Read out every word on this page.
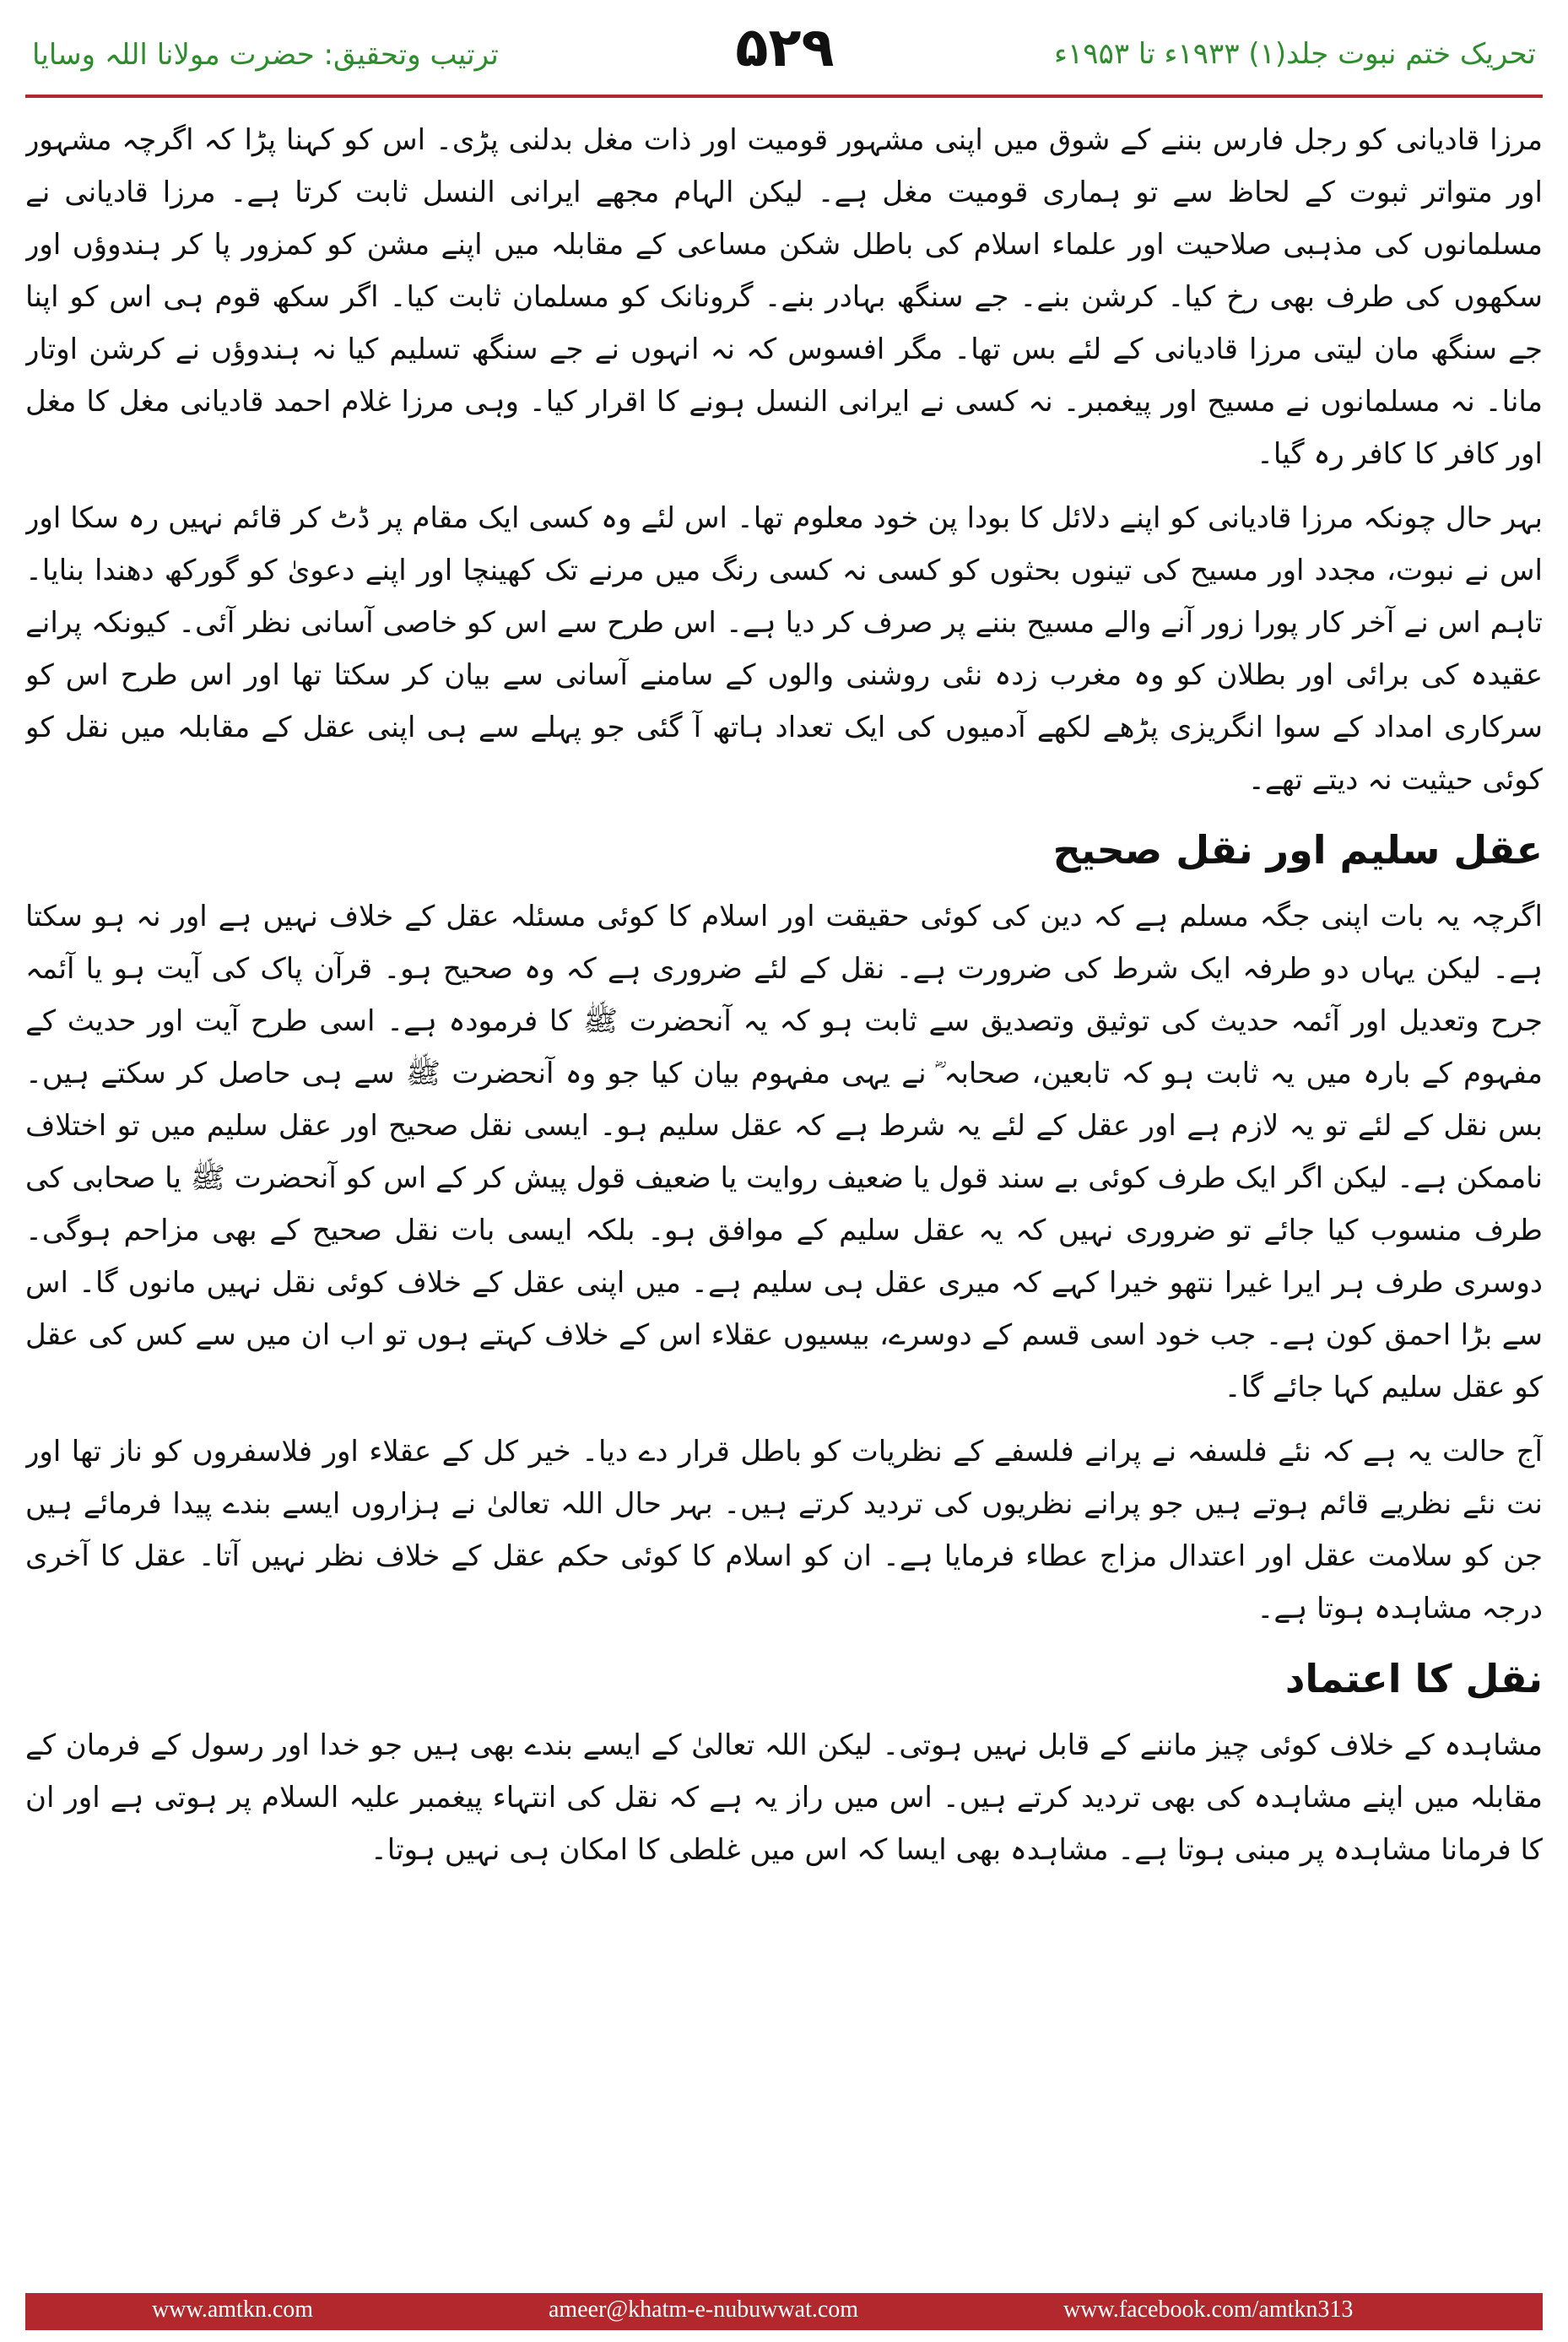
ترتیب وتحقیق: حضرت مولانا اللہ وسایا	۵۲۹	تحریک ختم نبوت جلد(۱) ۱۹۳۳ء تا ۱۹۵۳ء

مرزا قادیانی کو رجل فارس بننے کے شوق میں اپنی مشہور قومیت اور ذات مغل بدلنی پڑی۔ اس کو کہنا پڑا کہ اگرچہ مشہور اور متواتر ثبوت کے لحاظ سے تو ہماری قومیت مغل ہے۔ لیکن الہام مجھے ایرانی النسل ثابت کرتا ہے۔ مرزا قادیانی نے مسلمانوں کی مذہبی صلاحیت اور علماء اسلام کی باطل شکن مساعی کے مقابلہ میں اپنے مشن کو کمزور پا کر ہندوؤں اور سکھوں کی طرف بھی رخ کیا۔ کرشن بنے۔ جے سنگھ بہادر بنے۔ گرونانک کو مسلمان ثابت کیا۔ اگر سکھ قوم ہی اس کو اپنا جے سنگھ مان لیتی مرزا قادیانی کے لئے بس تھا۔ مگر افسوس کہ نہ انہوں نے جے سنگھ تسلیم کیا نہ ہندوؤں نے کرشن اوتار مانا۔ نہ مسلمانوں نے مسیح اور پیغمبر۔ نہ کسی نے ایرانی النسل ہونے کا اقرار کیا۔ وہی مرزا غلام احمد قادیانی مغل کا مغل اور کافر کا کافر رہ گیا۔

بہر حال چونکہ مرزا قادیانی کو اپنے دلائل کا بودا پن خود معلوم تھا۔ اس لئے وہ کسی ایک مقام پر ڈٹ کر قائم نہیں رہ سکا اور اس نے نبوت، مجدد اور مسیح کی تینوں بحثوں کو کسی نہ کسی رنگ میں مرنے تک کھینچا اور اپنے دعویٰ کو گورکھ دھندا بنایا۔ تاہم اس نے آخر کار پورا زور آنے والے مسیح بننے پر صرف کر دیا ہے۔ اس طرح سے اس کو خاصی آسانی نظر آئی۔ کیونکہ پرانے عقیدہ کی برائی اور بطلان کو وہ مغرب زدہ نئی روشنی والوں کے سامنے آسانی سے بیان کر سکتا تھا اور اس طرح اس کو سرکاری امداد کے سوا انگریزی پڑھے لکھے آدمیوں کی ایک تعداد ہاتھ آ گئی جو پہلے سے ہی اپنی عقل کے مقابلہ میں نقل کو کوئی حیثیت نہ دیتے تھے۔

عقل سلیم اور نقل صحیح

اگرچہ یہ بات اپنی جگہ مسلم ہے کہ دین کی کوئی حقیقت اور اسلام کا کوئی مسئلہ عقل کے خلاف نہیں ہے اور نہ ہو سکتا ہے۔ لیکن یہاں دو طرفہ ایک شرط کی ضرورت ہے۔ نقل کے لئے ضروری ہے کہ وہ صحیح ہو۔ قرآن پاک کی آیت ہو یا آئمہ جرح وتعدیل اور آئمہ حدیث کی توثیق وتصدیق سے ثابت ہو کہ یہ آنحضرت ﷺ کا فرمودہ ہے۔ اسی طرح آیت اور حدیث کے مفہوم کے بارہ میں یہ ثابت ہو کہ تابعین، صحابہ ؓ نے یہی مفہوم بیان کیا جو وہ آنحضرت ﷺ سے ہی حاصل کر سکتے ہیں۔ بس نقل کے لئے تو یہ لازم ہے اور عقل کے لئے یہ شرط ہے کہ عقل سلیم ہو۔ ایسی نقل صحیح اور عقل سلیم میں تو اختلاف ناممکن ہے۔ لیکن اگر ایک طرف کوئی بے سند قول یا ضعیف روایت یا ضعیف قول پیش کر کے اس کو آنحضرت ﷺ یا صحابی کی طرف منسوب کیا جائے تو ضروری نہیں کہ یہ عقل سلیم کے موافق ہو۔ بلکہ ایسی بات نقل صحیح کے بھی مزاحم ہوگی۔ دوسری طرف ہر ایرا غیرا نتھو خیرا کہے کہ میری عقل ہی سلیم ہے۔ میں اپنی عقل کے خلاف کوئی نقل نہیں مانوں گا۔ اس سے بڑا احمق کون ہے۔ جب خود اسی قسم کے دوسرے، بیسیوں عقلاء اس کے خلاف کہتے ہوں تو اب ان میں سے کس کی عقل کو عقل سلیم کہا جائے گا۔

آج حالت یہ ہے کہ نئے فلسفہ نے پرانے فلسفے کے نظریات کو باطل قرار دے دیا۔ خیر کل کے عقلاء اور فلاسفروں کو ناز تھا اور نت نئے نظریے قائم ہوتے ہیں جو پرانے نظریوں کی تردید کرتے ہیں۔ بہر حال اللہ تعالیٰ نے ہزاروں ایسے بندے پیدا فرمائے ہیں جن کو سلامت عقل اور اعتدال مزاج عطاء فرمایا ہے۔ ان کو اسلام کا کوئی حکم عقل کے خلاف نظر نہیں آتا۔ عقل کا آخری درجہ مشاہدہ ہوتا ہے۔

نقل کا اعتماد

مشاہدہ کے خلاف کوئی چیز ماننے کے قابل نہیں ہوتی۔ لیکن اللہ تعالیٰ کے ایسے بندے بھی ہیں جو خدا اور رسول کے فرمان کے مقابلہ میں اپنے مشاہدہ کی بھی تردید کرتے ہیں۔ اس میں راز یہ ہے کہ نقل کی انتہاء پیغمبر علیہ السلام پر ہوتی ہے اور ان کا فرمانا مشاہدہ پر مبنی ہوتا ہے۔ مشاہدہ بھی ایسا کہ اس میں غلطی کا امکان ہی نہیں ہوتا۔

www.amtkn.com	ameer@khatm-e-nubuwwat.com	www.facebook.com/amtkn313
